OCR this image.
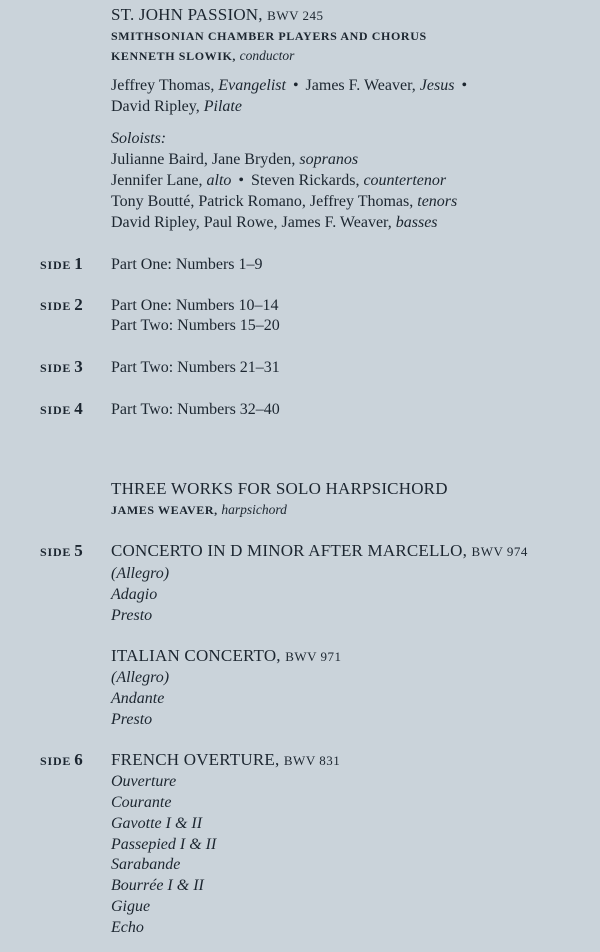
ST. JOHN PASSION, BWV 245
SMITHSONIAN CHAMBER PLAYERS AND CHORUS
KENNETH SLOWIK, conductor
Jeffrey Thomas, Evangelist • James F. Weaver, Jesus •
David Ripley, Pilate
Soloists:
Julianne Baird, Jane Bryden, sopranos
Jennifer Lane, alto • Steven Rickards, countertenor
Tony Boutté, Patrick Romano, Jeffrey Thomas, tenors
David Ripley, Paul Rowe, James F. Weaver, basses
SIDE 1 Part One: Numbers 1–9
SIDE 2 Part One: Numbers 10–14
Part Two: Numbers 15–20
SIDE 3 Part Two: Numbers 21–31
SIDE 4 Part Two: Numbers 32–40
THREE WORKS FOR SOLO HARPSICHORD
JAMES WEAVER, harpsichord
SIDE 5 CONCERTO IN D MINOR AFTER MARCELLO, BWV 974
(Allegro)
Adagio
Presto
ITALIAN CONCERTO, BWV 971
(Allegro)
Andante
Presto
SIDE 6 FRENCH OVERTURE, BWV 831
Ouverture
Courante
Gavotte I & II
Passepied I & II
Sarabande
Bourrée I & II
Gigue
Echo
